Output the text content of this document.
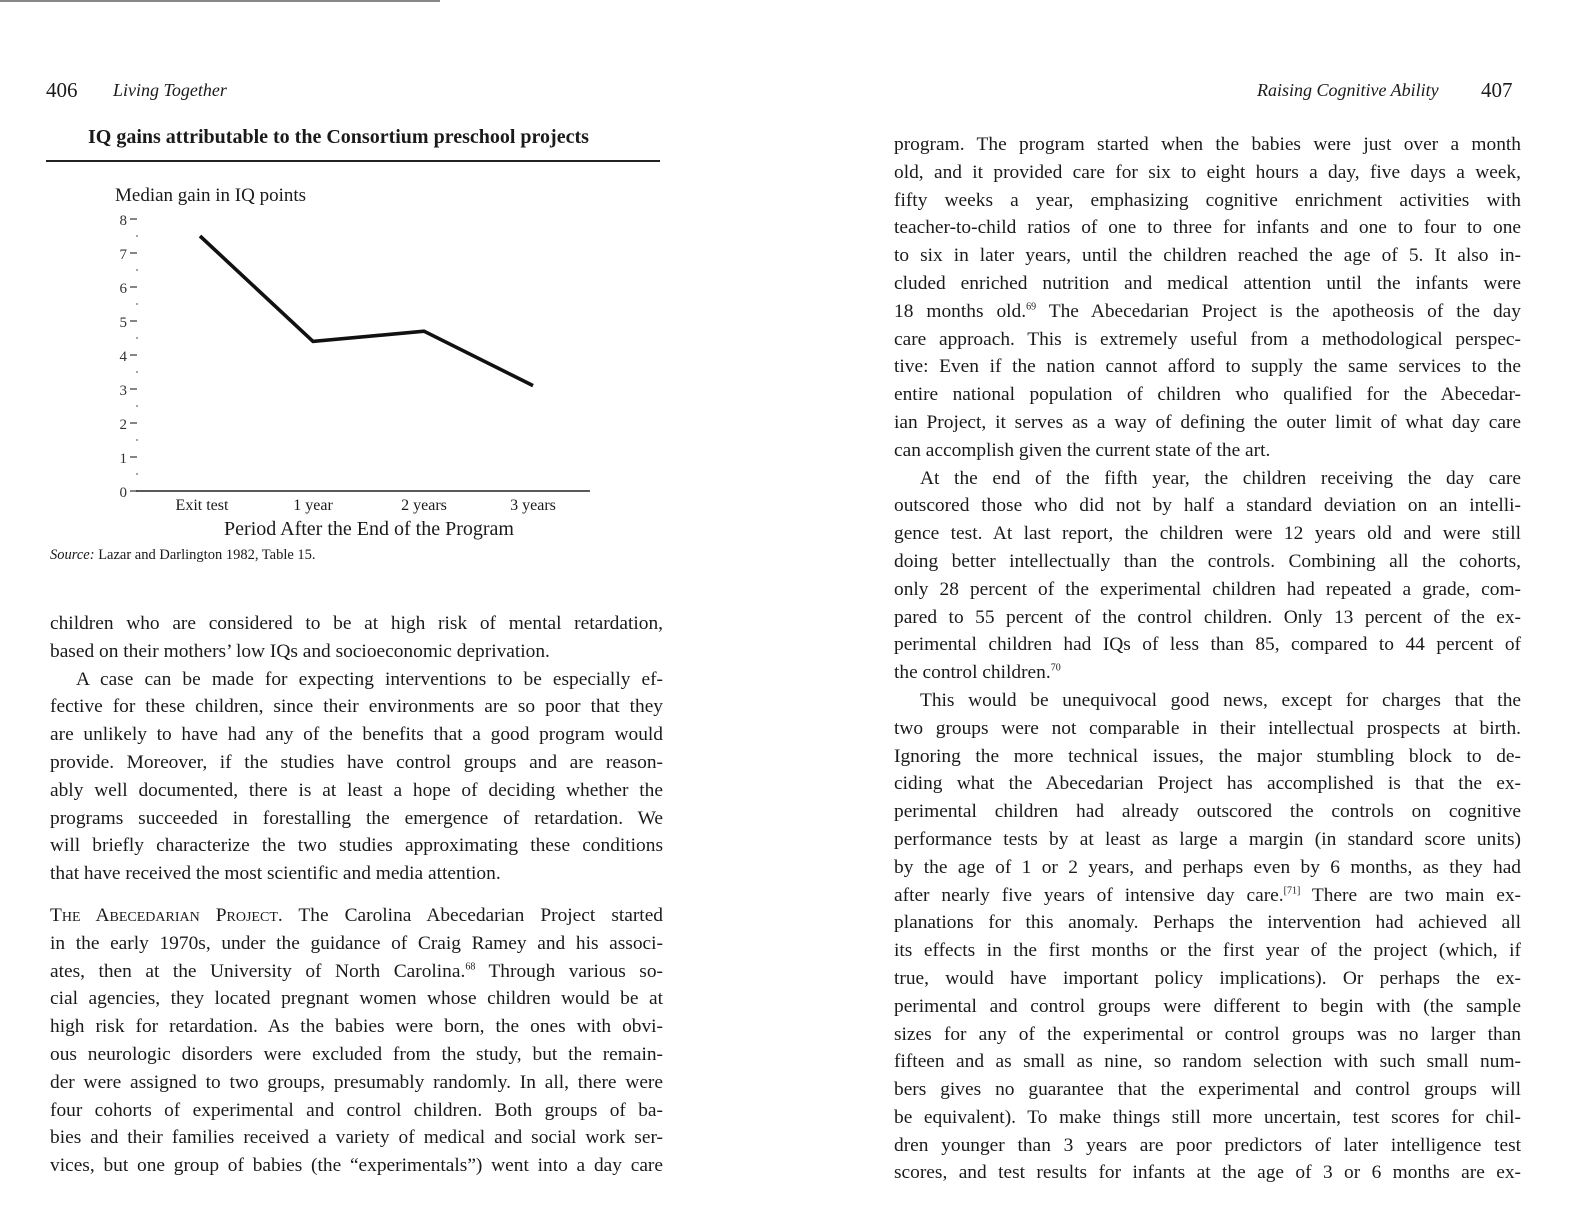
406 Living Together
IQ gains attributable to the Consortium preschool projects
Median gain in IQ points
0
1
2
3
4
5
6
7
8
Exit test	1 year	2 years	3 years
Period After the End of the Program
Source: Lazar and Darlington 1982, Table 15.

children who are considered to be at high risk of mental retardation,
based on their mothers’ low IQs and socioeconomic deprivation.

A case can be made for expecting interventions to be especially ef-
fective for these children, since their environments are so poor that they
are unlikely to have had any of the benefits that a good program would
provide. Moreover, if the studies have control groups and are reason-
ably well documented, there is at least a hope of deciding whether the
programs succeeded in forestalling the emergence of retardation. We
will briefly characterize the two studies approximating these conditions
that have received the most scientific and media attention.

The Abecedarian Project. The Carolina Abecedarian Project started
in the early 1970s, under the guidance of Craig Ramey and his associ-
ates, then at the University of North Carolina.$^{68}$ Through various so-
cial agencies, they located pregnant women whose children would be at
high risk for retardation. As the babies were born, the ones with obvi-
ous neurologic disorders were excluded from the study, but the remain-
der were assigned to two groups, presumably randomly. In all, there were
four cohorts of experimental and control children. Both groups of ba-
bies and their families received a variety of medical and social work ser-
vices, but one group of babies (the “experimentals”) went into a day care

Raising Cognitive Ability 407

program. The program started when the babies were just over a month
old, and it provided care for six to eight hours a day, five days a week,
fifty weeks a year, emphasizing cognitive enrichment activities with
teacher-to-child ratios of one to three for infants and one to four to one
to six in later years, until the children reached the age of 5. It also in-
cluded enriched nutrition and medical attention until the infants were
18 months old.$^{69}$ The Abecedarian Project is the apotheosis of the day
care approach. This is extremely useful from a methodological perspec-
tive: Even if the nation cannot afford to supply the same services to the
entire national population of children who qualified for the Abecedar-
ian Project, it serves as a way of defining the outer limit of what day care
can accomplish given the current state of the art.

At the end of the fifth year, the children receiving the day care
outscored those who did not by half a standard deviation on an intelli-
gence test. At last report, the children were 12 years old and were still
doing better intellectually than the controls. Combining all the cohorts,
only 28 percent of the experimental children had repeated a grade, com-
pared to 55 percent of the control children. Only 13 percent of the ex-
perimental children had IQs of less than 85, compared to 44 percent of
the control children.$^{70}$

This would be unequivocal good news, except for charges that the
two groups were not comparable in their intellectual prospects at birth.
Ignoring the more technical issues, the major stumbling block to de-
ciding what the Abecedarian Project has accomplished is that the ex-
perimental children had already outscored the controls on cognitive
performance tests by at least as large a margin (in standard score units)
by the age of 1 or 2 years, and perhaps even by 6 months, as they had
after nearly five years of intensive day care.[71] There are two main ex-
planations for this anomaly. Perhaps the intervention had achieved all
its effects in the first months or the first year of the project (which, if
true, would have important policy implications). Or perhaps the ex-
perimental and control groups were different to begin with (the sample
sizes for any of the experimental or control groups was no larger than
fifteen and as small as nine, so random selection with such small num-
bers gives no guarantee that the experimental and control groups will
be equivalent). To make things still more uncertain, test scores for chil-
dren younger than 3 years are poor predictors of later intelligence test
scores, and test results for infants at the age of 3 or 6 months are ex-
